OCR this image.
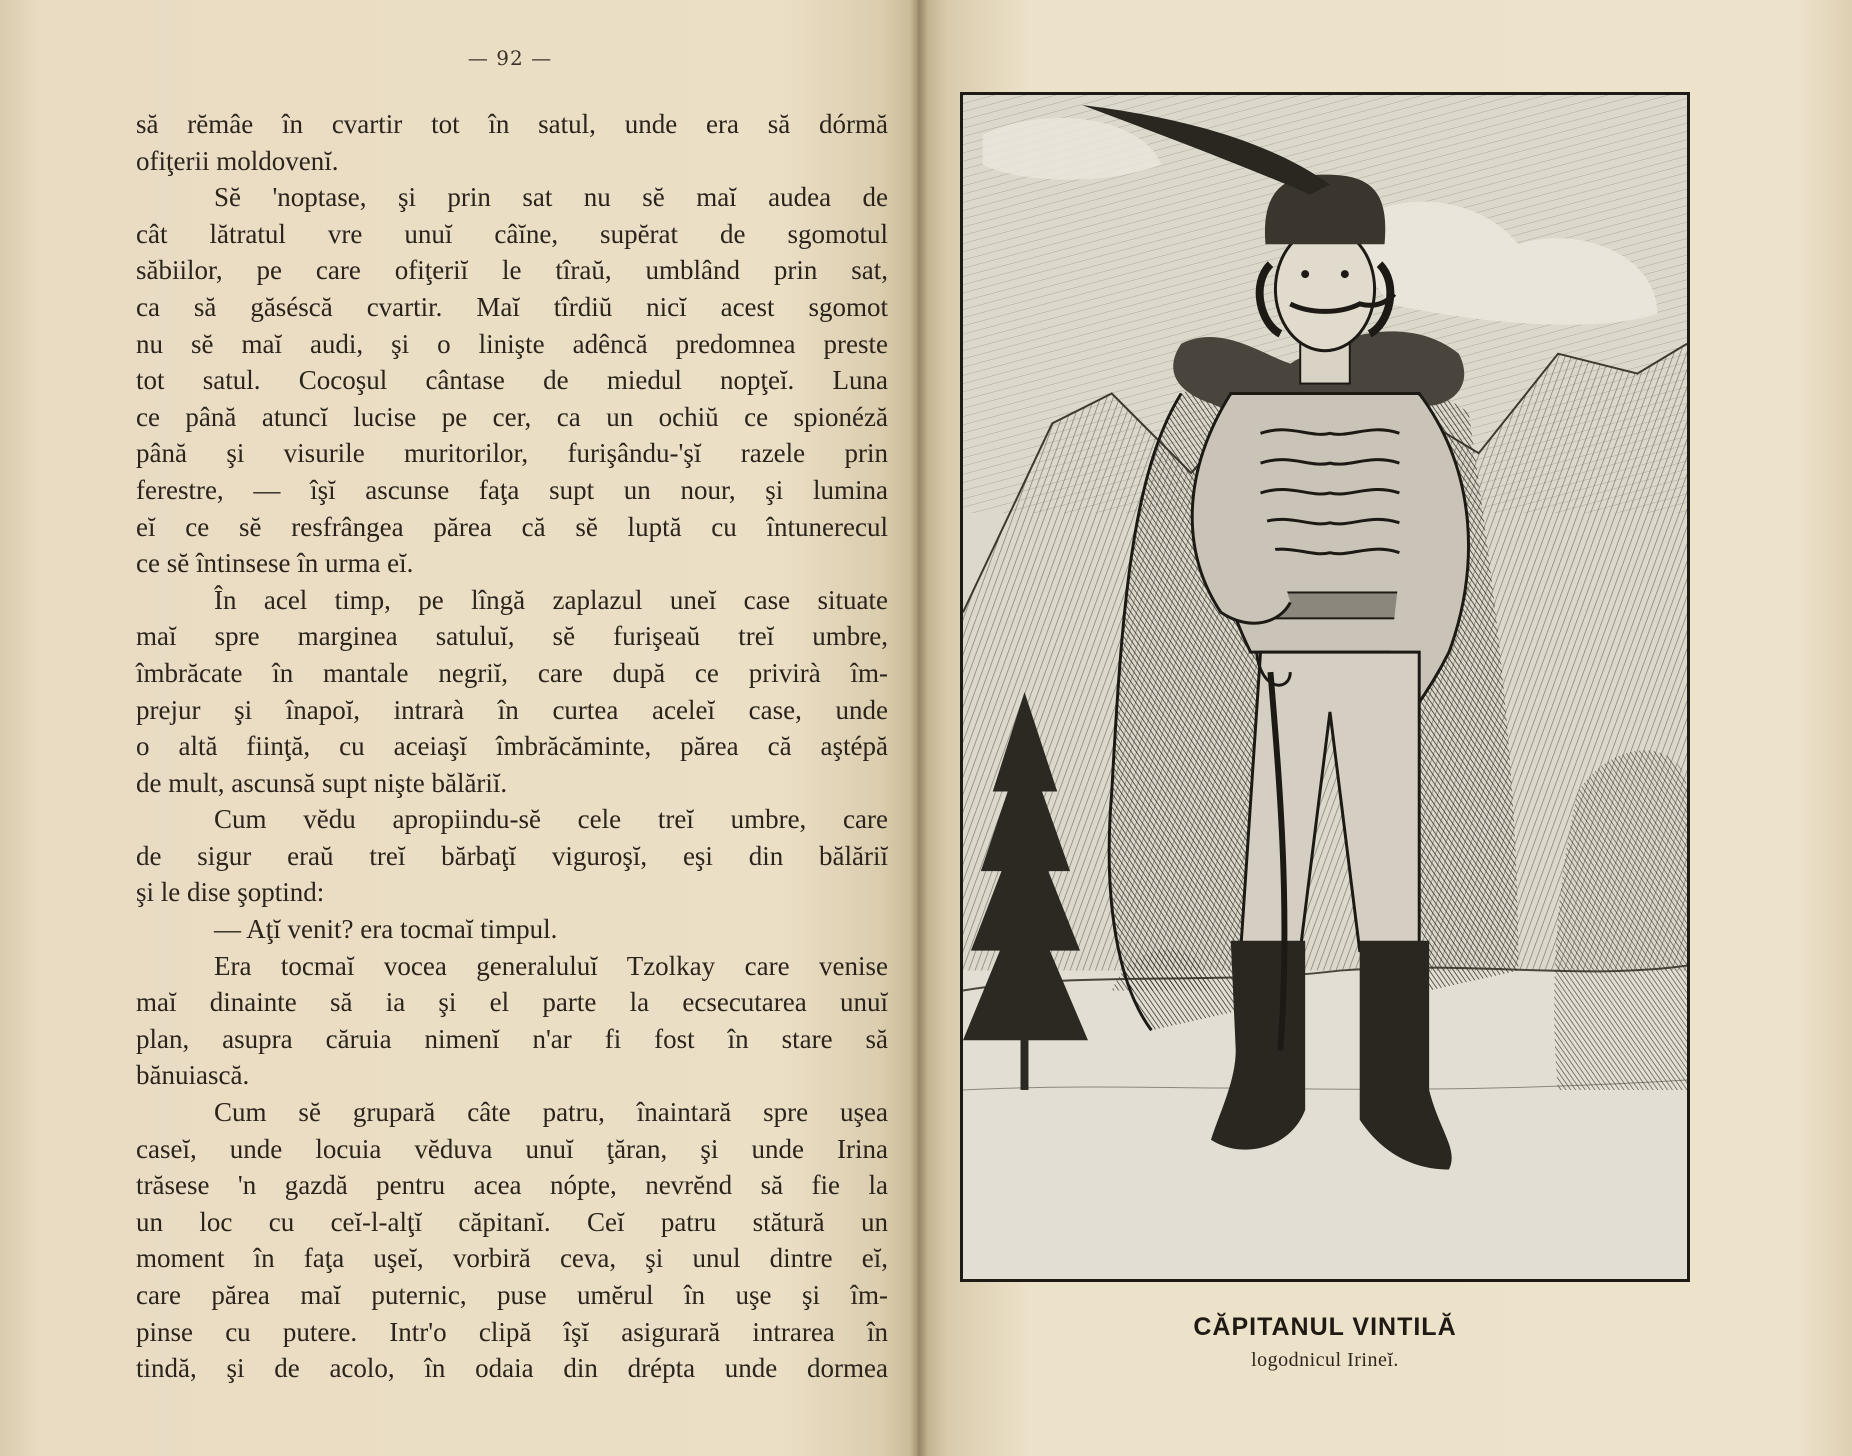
— 92 —
să rĕmâe în cvartir tot în satul, unde era să dórmă
ofiţerii moldovenĭ.
Sĕ 'noptase, şi prin sat nu sĕ maĭ audea de
cât lătratul vre unuĭ câĭne, supĕrat de sgomotul
săbiilor, pe care ofiţeriĭ le tîraŭ, umblând prin sat,
ca să găséscă cvartir. Maĭ tîrdiŭ nicĭ acest sgomot
nu sĕ maĭ audi, şi o linişte adêncă predomnea preste
tot satul. Cocoşul cântase de miedul nopţeĭ. Luna
ce până atuncĭ lucise pe cer, ca un ochiŭ ce spionéză
până şi visurile muritorilor, furişându-'şĭ razele prin
ferestre, — îşĭ ascunse faţa supt un nour, şi lumina
eĭ ce sĕ resfrângea părea că sĕ luptă cu întunerecul
ce sĕ întinsese în urma eĭ.
În acel timp, pe lîngă zaplazul uneĭ case situate
maĭ spre marginea satuluĭ, sĕ furişeaŭ treĭ umbre,
îmbrăcate în mantale negriĭ, care după ce privirà îm-
prejur şi înapoĭ, intrarà în curtea aceleĭ case, unde
o altă fiinţă, cu aceiaşĭ îmbrăcăminte, părea că aştépă
de mult, ascunsă supt nişte bălăriĭ.
Cum vĕdu apropiindu-sĕ cele treĭ umbre, care
de sigur eraŭ treĭ bărbaţĭ viguroşĭ, eşi din bălăriĭ
şi le dise şoptind:
— Aţĭ venit? era tocmaĭ timpul.
Era tocmaĭ vocea generaluluĭ Tzolkay care venise
maĭ dinainte să ia şi el parte la ecsecutarea unuĭ
plan, asupra căruia nimenĭ n'ar fi fost în stare să
bănuiască.
Cum sĕ grupară câte patru, înaintară spre uşea
caseĭ, unde locuia vĕduva unuĭ ţăran, şi unde Irina
trăsese 'n gazdă pentru acea nópte, nevrĕnd să fie la
un loc cu ceĭ-l-alţĭ căpitanĭ. Ceĭ patru stătură un
moment în faţa uşeĭ, vorbiră ceva, şi unul dintre eĭ,
care părea maĭ puternic, puse umĕrul în uşe şi îm-
pinse cu putere. Intr'o clipă îşĭ asigurară intrarea în
tindă, şi de acolo, în odaia din drépta unde dormea
CĂPITANUL VINTILĂ
logodnicul Irineĭ.
